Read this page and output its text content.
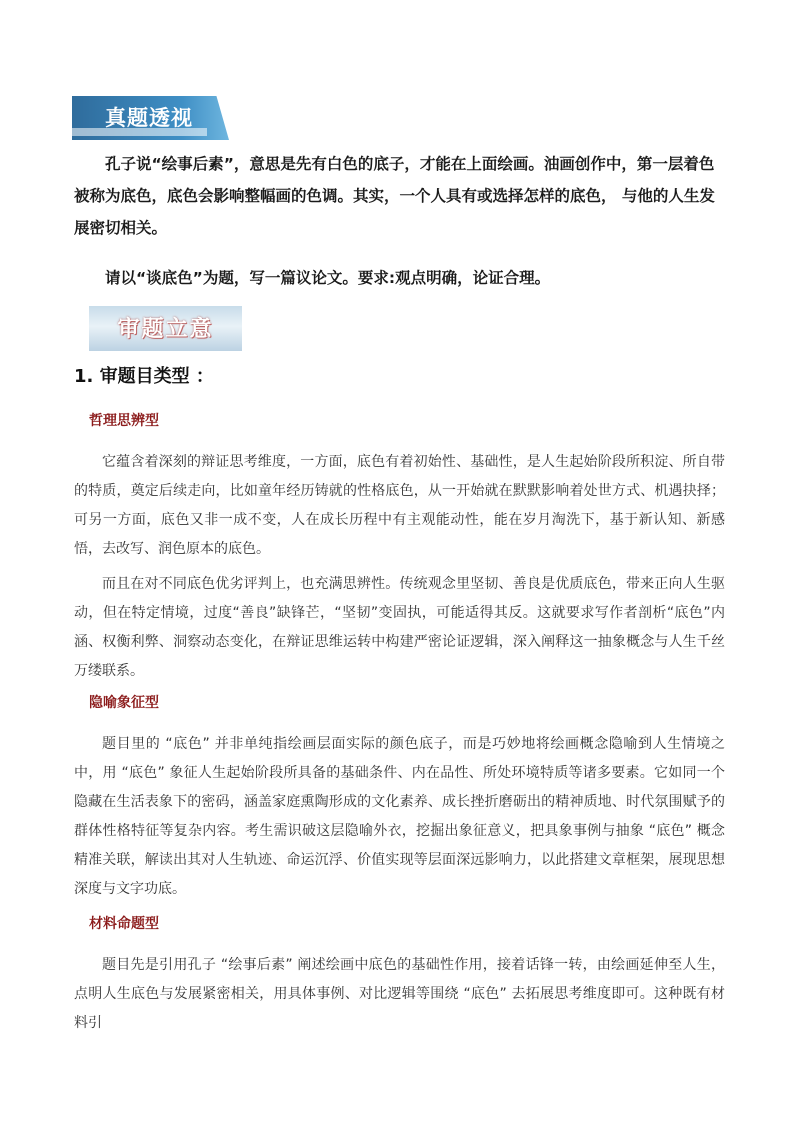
真题透视
孔子说“绘事后素”，意思是先有白色的底子，才能在上面绘画。油画创作中，第一层着色被称为底色，底色会影响整幅画的色调。其实，一个人具有或选择怎样的底色， 与他的人生发展密切相关。
请以“谈底色”为题，写一篇议论文。要求:观点明确，论证合理。
审题立意
1. 审题目类型 ：
哲理思辨型
它蕴含着深刻的辩证思考维度，一方面，底色有着初始性、基础性，是人生起始阶段所积淀、所自带的特质，奠定后续走向，比如童年经历铸就的性格底色，从一开始就在默默影响着处世方式、机遇抉择；可另一方面，底色又非一成不变，人在成长历程中有主观能动性，能在岁月淘洗下，基于新认知、新感悟，去改写、润色原本的底色。
而且在对不同底色优劣评判上，也充满思辨性。传统观念里坚韧、善良是优质底色，带来正向人生驱动，但在特定情境，过度“善良”缺锋芒，“坚韧”变固执，可能适得其反。这就要求写作者剖析“底色”内涵、权衡利弊、洞察动态变化，在辩证思维运转中构建严密论证逻辑，深入阐释这一抽象概念与人生千丝万缕联系。
隐喻象征型
题目里的 “底色” 并非单纯指绘画层面实际的颜色底子，而是巧妙地将绘画概念隐喻到人生情境之中，用 “底色” 象征人生起始阶段所具备的基础条件、内在品性、所处环境特质等诸多要素。它如同一个隐藏在生活表象下的密码，涵盖家庭熏陶形成的文化素养、成长挫折磨砺出的精神质地、时代氛围赋予的群体性格特征等复杂内容。考生需识破这层隐喻外衣，挖掘出象征意义，把具象事例与抽象 “底色” 概念精准关联，解读出其对人生轨迹、命运沉浮、价值实现等层面深远影响力，以此搭建文章框架，展现思想深度与文字功底。
材料命题型
题目先是引用孔子 “绘事后素” 阐述绘画中底色的基础性作用，接着话锋一转，由绘画延伸至人生，点明人生底色与发展紧密相关，用具体事例、对比逻辑等围绕 “底色” 去拓展思考维度即可。这种既有材料引
